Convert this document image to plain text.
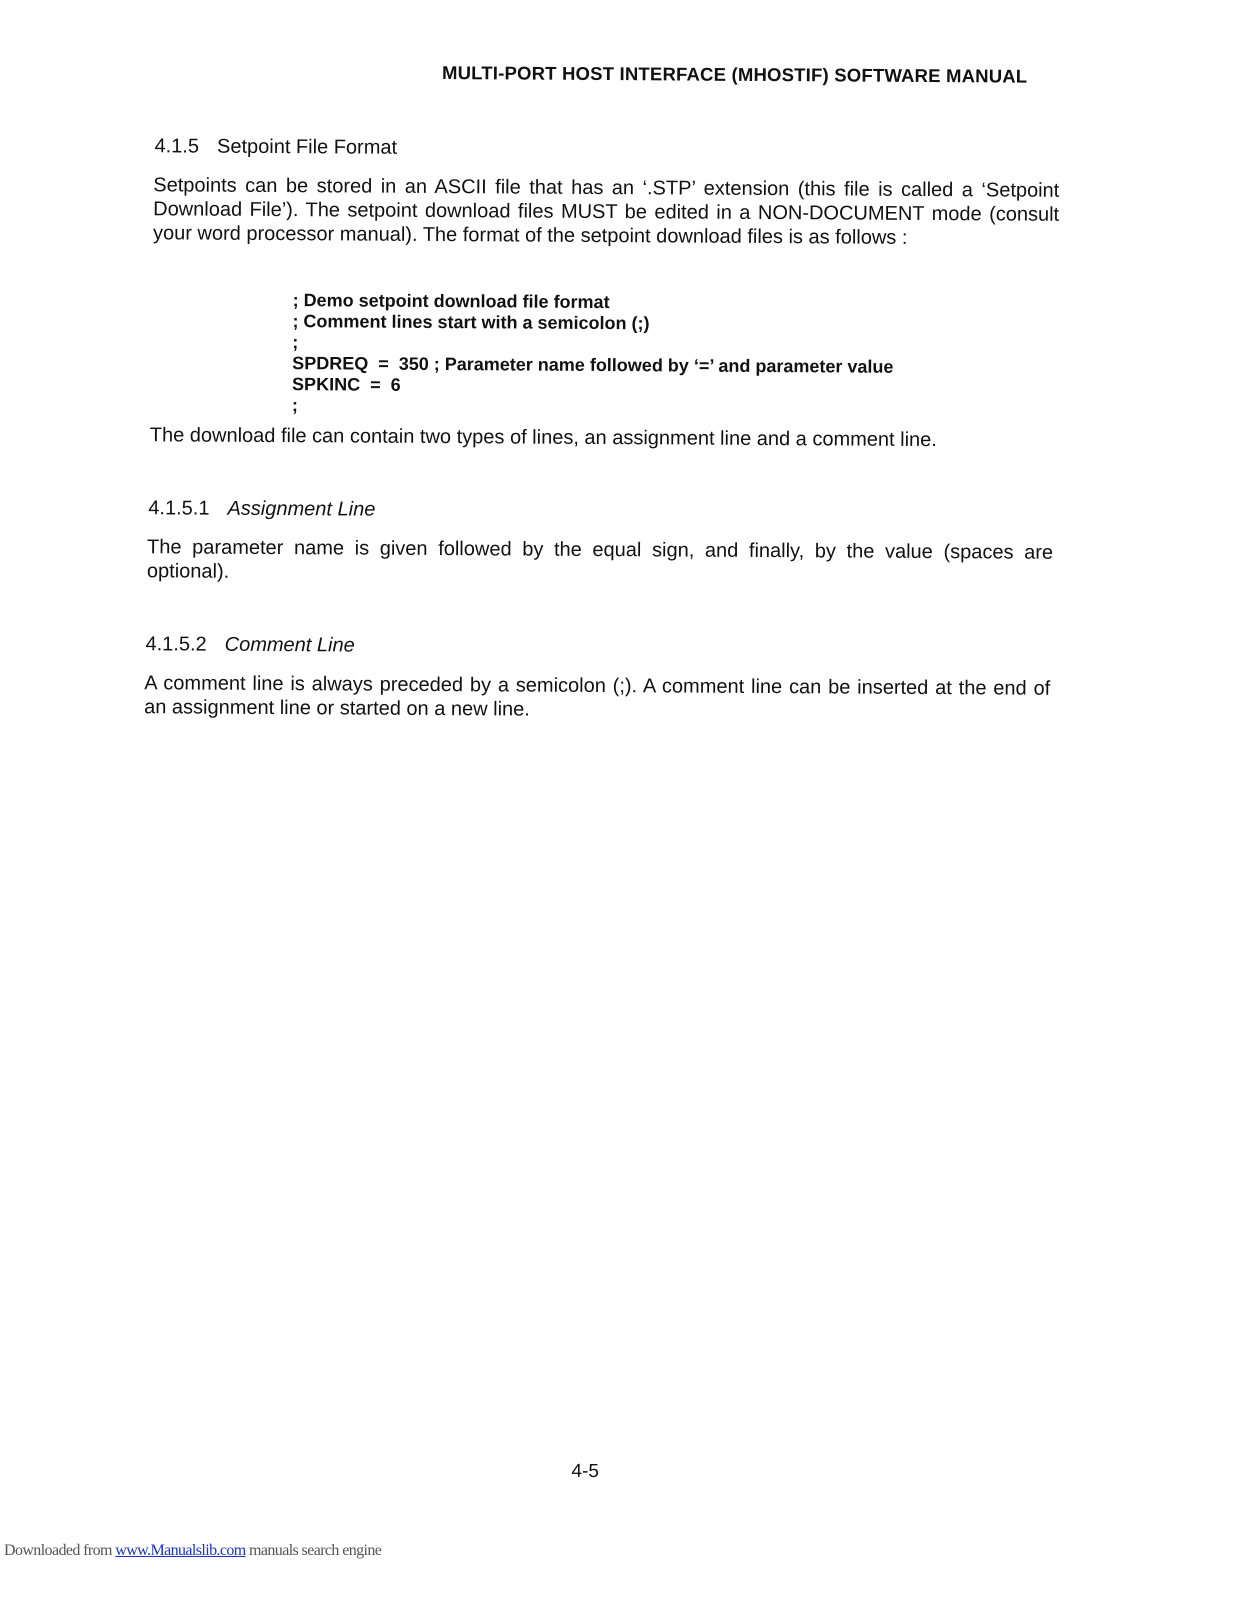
MULTI-PORT HOST INTERFACE (MHOSTIF) SOFTWARE MANUAL
4.1.5 Setpoint File Format

Setpoints can be stored in an ASCII file that has an ‘.STP’ extension (this file is called a ‘Setpoint Download File’). The setpoint download files MUST be edited in a NON-DOCUMENT mode (consult your word processor manual). The format of the setpoint download files is as follows :

; Demo setpoint download file format
; Comment lines start with a semicolon (;)
;
SPDREQ  =  350 ; Parameter name followed by ‘=’ and parameter value
SPKINC  =  6
;

The download file can contain two types of lines, an assignment line and a comment line.

4.1.5.1 Assignment Line

The parameter name is given followed by the equal sign, and finally, by the value (spaces are optional).

4.1.5.2 Comment Line

A comment line is always preceded by a semicolon (;). A comment line can be inserted at the end of an assignment line or started on a new line.

4-5
Downloaded from www.Manualslib.com manuals search engine
